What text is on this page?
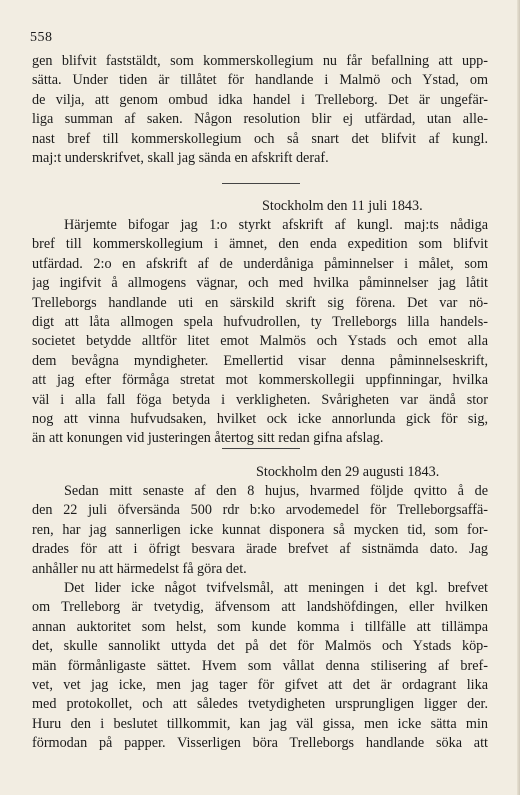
558
gen blifvit faststäldt, som kommerskollegium nu får befallning att upp-
sätta. Under tiden är tillåtet för handlande i Malmö och Ystad, om
de vilja, att genom ombud idka handel i Trelleborg. Det är ungefär-
liga summan af saken. Någon resolution blir ej utfärdad, utan alle-
nast bref till kommerskollegium och så snart det blifvit af kungl.
maj:t underskrifvet, skall jag sända en afskrift deraf.
Stockholm den 11 juli 1843.
Härjemte bifogar jag 1:o styrkt afskrift af kungl. maj:ts nådiga
bref till kommerskollegium i ämnet, den enda expedition som blifvit
utfärdad. 2:o en afskrift af de underdåniga påminnelser i målet, som
jag ingifvit å allmogens vägnar, och med hvilka påminnelser jag låtit
Trelleborgs handlande uti en särskild skrift sig förena. Det var nö-
digt att låta allmogen spela hufvudrollen, ty Trelleborgs lilla handels-
societet betydde alltför litet emot Malmös och Ystads och emot alla
dem bevågna myndigheter. Emellertid visar denna påminnelseskrift,
att jag efter förmåga stretat mot kommerskollegii uppfinningar, hvilka
väl i alla fall föga betyda i verkligheten. Svårigheten var ändå stor
nog att vinna hufvudsaken, hvilket ock icke annorlunda gick för sig,
än att konungen vid justeringen återtog sitt redan gifna afslag.
Stockholm den 29 augusti 1843.
Sedan mitt senaste af den 8 hujus, hvarmed följde qvitto å de
den 22 juli öfversända 500 rdr b:ko arvodemedel för Trelleborgsaffä-
ren, har jag sannerligen icke kunnat disponera så mycken tid, som for-
drades för att i öfrigt besvara ärade brefvet af sistnämda dato. Jag
anhåller nu att härmedelst få göra det.
Det lider icke något tvifvelsmål, att meningen i det kgl. brefvet
om Trelleborg är tvetydig, äfvensom att landshöfdingen, eller hvilken
annan auktoritet som helst, som kunde komma i tillfälle att tillämpa
det, skulle sannolikt uttyda det på det för Malmös och Ystads köp-
män förmånligaste sättet. Hvem som vållat denna stilisering af bref-
vet, vet jag icke, men jag tager för gifvet att det är ordagrant lika
med protokollet, och att således tvetydigheten ursprungligen ligger der.
Huru den i beslutet tillkommit, kan jag väl gissa, men icke sätta min
förmodan på papper. Visserligen böra Trelleborgs handlande söka att
